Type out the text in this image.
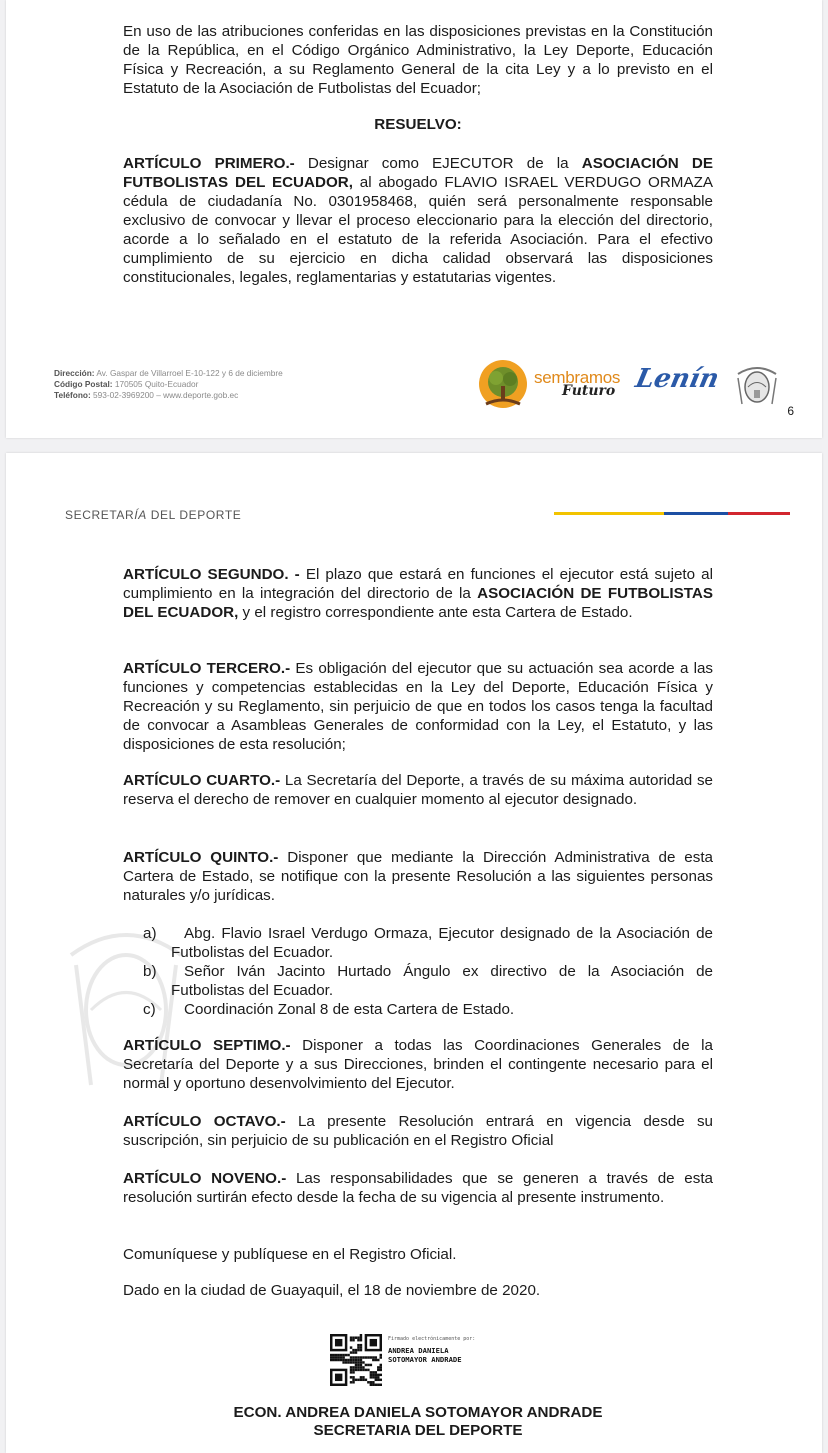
En uso de las atribuciones conferidas en las disposiciones previstas en la Constitución de la República, en el Código Orgánico Administrativo, la Ley Deporte, Educación Física y Recreación, a su Reglamento General de la cita Ley y a lo previsto en el Estatuto de la Asociación de Futbolistas del Ecuador;

RESUELVO:

ARTÍCULO PRIMERO.- Designar como EJECUTOR de la ASOCIACIÓN DE FUTBOLISTAS DEL ECUADOR, al abogado FLAVIO ISRAEL VERDUGO ORMAZA cédula de ciudadanía No. 0301958468, quién será personalmente responsable exclusivo de convocar y llevar el proceso eleccionario para la elección del directorio, acorde a lo señalado en el estatuto de la referida Asociación. Para el efectivo cumplimiento de su ejercicio en dicha calidad observará las disposiciones constitucionales, legales, reglamentarias y estatutarias vigentes.

Dirección: Av. Gaspar de Villarroel E-10-122 y 6 de diciembre
Código Postal: 170505 Quito-Ecuador
Teléfono: 593-02-3969200 – www.deporte.gob.ec
sembramos
Futuro Lenín
6
SECRETARÍA DEL DEPORTE

ARTÍCULO SEGUNDO. - El plazo que estará en funciones el ejecutor está sujeto al cumplimiento en la integración del directorio de la ASOCIACIÓN DE FUTBOLISTAS DEL ECUADOR, y el registro correspondiente ante esta Cartera de Estado.

ARTÍCULO TERCERO.- Es obligación del ejecutor que su actuación sea acorde a las funciones y competencias establecidas en la Ley del Deporte, Educación Física y Recreación y su Reglamento, sin perjuicio de que en todos los casos tenga la facultad de convocar a Asambleas Generales de conformidad con la Ley, el Estatuto, y las disposiciones de esta resolución;

ARTÍCULO CUARTO.- La Secretaría del Deporte, a través de su máxima autoridad se reserva el derecho de remover en cualquier momento al ejecutor designado.

ARTÍCULO QUINTO.- Disponer que mediante la Dirección Administrativa de esta Cartera de Estado, se notifique con la presente Resolución a las siguientes personas naturales y/o jurídicas.

a)	Abg. Flavio Israel Verdugo Ormaza, Ejecutor designado de la Asociación de Futbolistas del Ecuador.
b)	Señor Iván Jacinto Hurtado Ángulo ex directivo de la Asociación de Futbolistas del Ecuador.
c)	Coordinación Zonal 8 de esta Cartera de Estado.

ARTÍCULO SEPTIMO.- Disponer a todas las Coordinaciones Generales de la Secretaría del Deporte y a sus Direcciones, brinden el contingente necesario para el normal y oportuno desenvolvimiento del Ejecutor.

ARTÍCULO OCTAVO.- La presente Resolución entrará en vigencia desde su suscripción, sin perjuicio de su publicación en el Registro Oficial

ARTÍCULO NOVENO.- Las responsabilidades que se generen a través de esta resolución surtirán efecto desde la fecha de su vigencia al presente instrumento.

Comuníquese y publíquese en el Registro Oficial.
Dado en la ciudad de Guayaquil, el 18 de noviembre de 2020.
Firmado electrónicamente por:
ANDREA DANIELA
SOTOMAYOR ANDRADE
ECON. ANDREA DANIELA SOTOMAYOR ANDRADE
SECRETARIA DEL DEPORTE
